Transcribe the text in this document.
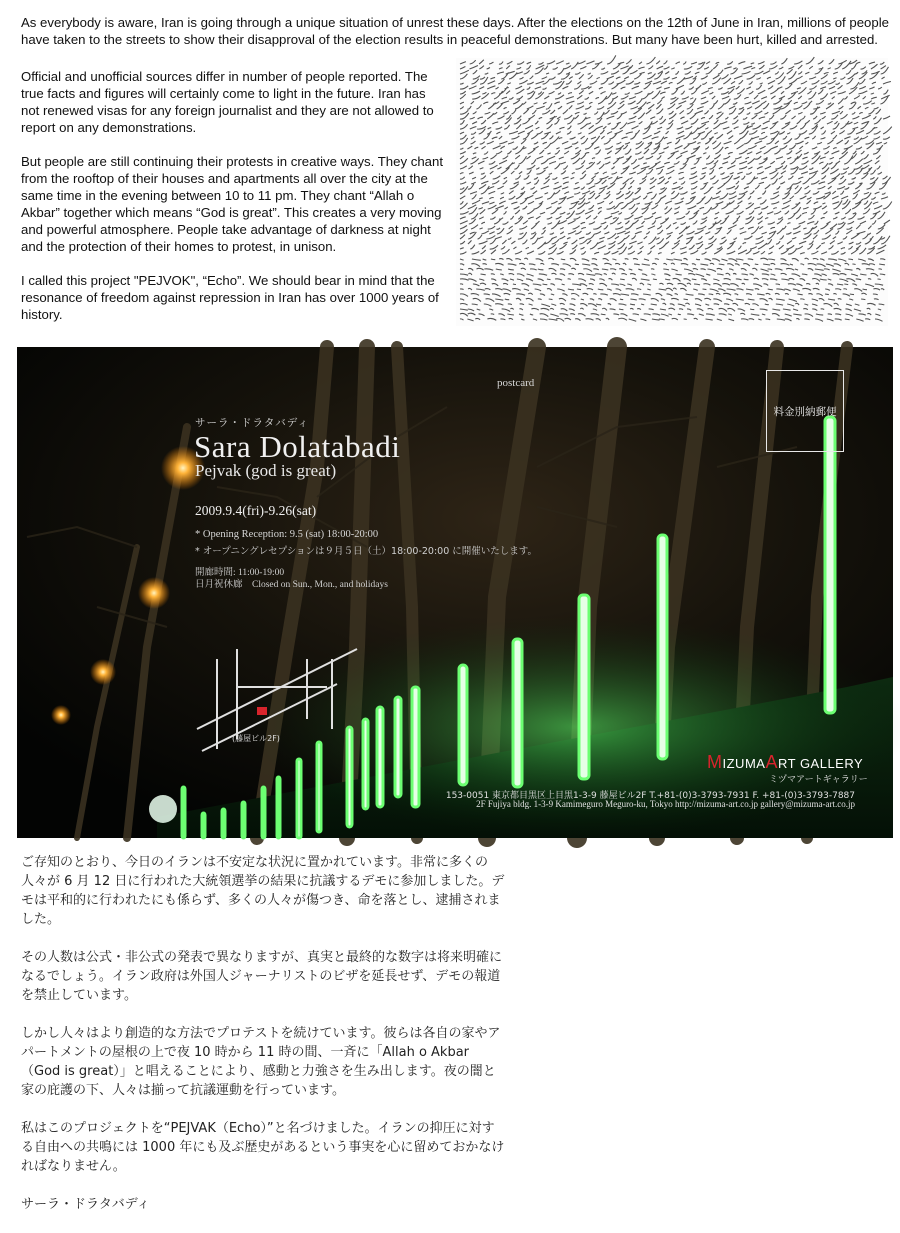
As everybody is aware, Iran is going through a unique situation of unrest these days. After the elections on the 12th of June in Iran, millions of people have taken to the streets to show their disapproval of the election results in peaceful demonstrations. But many have been hurt, killed and arrested.

Official and unofficial sources differ in number of people reported. The true facts and figures will certainly come to light in the future. Iran has not renewed visas for any foreign journalist and they are not allowed to report on any demonstrations.

But people are still continuing their protests in creative ways. They chant from the rooftop of their houses and apartments all over the city at the same time in the evening between 10 to 11 pm. They chant “Allah o Akbar” together which means “God is great”. This creates a very moving and powerful atmosphere. People take advantage of darkness at night and the protection of their homes to protest, in unison.

I called this project "PEJVOK", “Echo”. We should bear in mind that the resonance of freedom against repression in Iran has over 1000 years of history.

postcard
料金別納郵便
サーラ・ドラタバディ
Sara Dolatabadi
Pejvak (god is great)
2009.9.4(fri)-9.26(sat)
* Opening Reception: 9.5 (sat) 18:00-20:00
* オープニングレセプションは９月５日（土）18:00-20:00 に開催いたします。
開廊時間: 11:00-19:00
日月祝休廊　Closed on Sun., Mon., and holidays
(藤屋ビル2F)
MIZUMAART GALLERY
ミヅマアートギャラリー
153-0051 東京都目黒区上目黒1-3-9 藤屋ビル2F T.+81-(0)3-3793-7931 F. +81-(0)3-3793-7887
2F Fujiya bldg. 1-3-9 Kamimeguro Meguro-ku, Tokyo http://mizuma-art.co.jp gallery@mizuma-art.co.jp

ご存知のとおり、今日のイランは不安定な状況に置かれています。非常に多くの人々が 6 月 12 日に行われた大統領選挙の結果に抗議するデモに参加しました。デモは平和的に行われたにも係らず、多くの人々が傷つき、命を落とし、逮捕されました。

その人数は公式・非公式の発表で異なりますが、真実と最終的な数字は将来明確になるでしょう。イラン政府は外国人ジャーナリストのビザを延長せず、デモの報道を禁止しています。

しかし人々はより創造的な方法でプロテストを続けています。彼らは各自の家やアパートメントの屋根の上で夜 10 時から 11 時の間、一斉に「Allah o Akbar（God is great）」と唱えることにより、感動と力強さを生み出します。夜の闇と家の庇護の下、人々は揃って抗議運動を行っています。

私はこのプロジェクトを“PEJVAK（Echo）”と名づけました。イランの抑圧に対する自由への共鳴には 1000 年にも及ぶ歴史があるという事実を心に留めておかなければなりません。

サーラ・ドラタバディ
